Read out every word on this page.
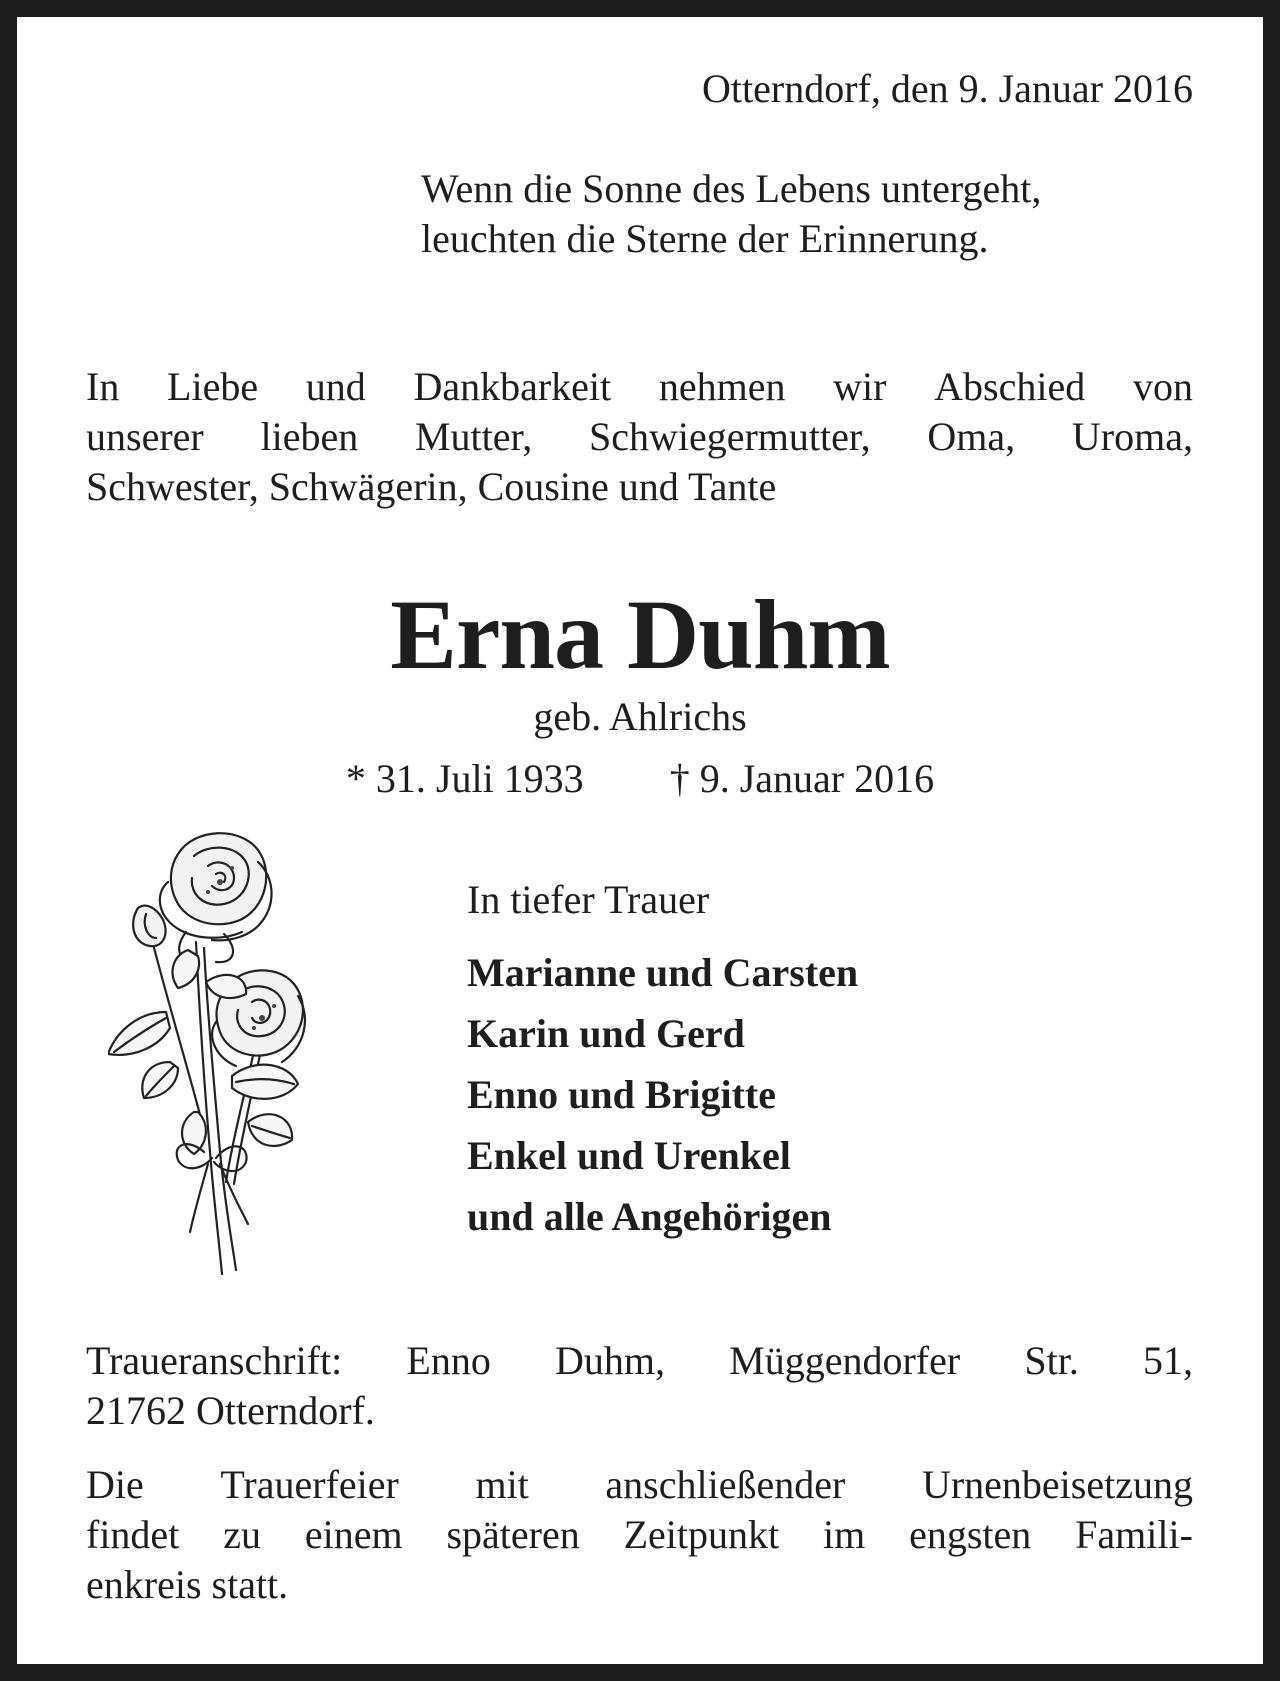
Otterndorf, den 9. Januar 2016
Wenn die Sonne des Lebens untergeht,
leuchten die Sterne der Erinnerung.
In Liebe und Dankbarkeit nehmen wir Abschied von
unserer lieben Mutter, Schwiegermutter, Oma, Uroma,
Schwester, Schwägerin, Cousine und Tante
Erna Duhm
geb. Ahlrichs
* 31. Juli 1933 † 9. Januar 2016
In tiefer Trauer
Marianne und Carsten
Karin und Gerd
Enno und Brigitte
Enkel und Urenkel
und alle Angehörigen
Traueranschrift: Enno Duhm, Müggendorfer Str. 51,
21762 Otterndorf.
Die Trauerfeier mit anschließender Urnenbeisetzung
findet zu einem späteren Zeitpunkt im engsten Famili-
enkreis statt.
